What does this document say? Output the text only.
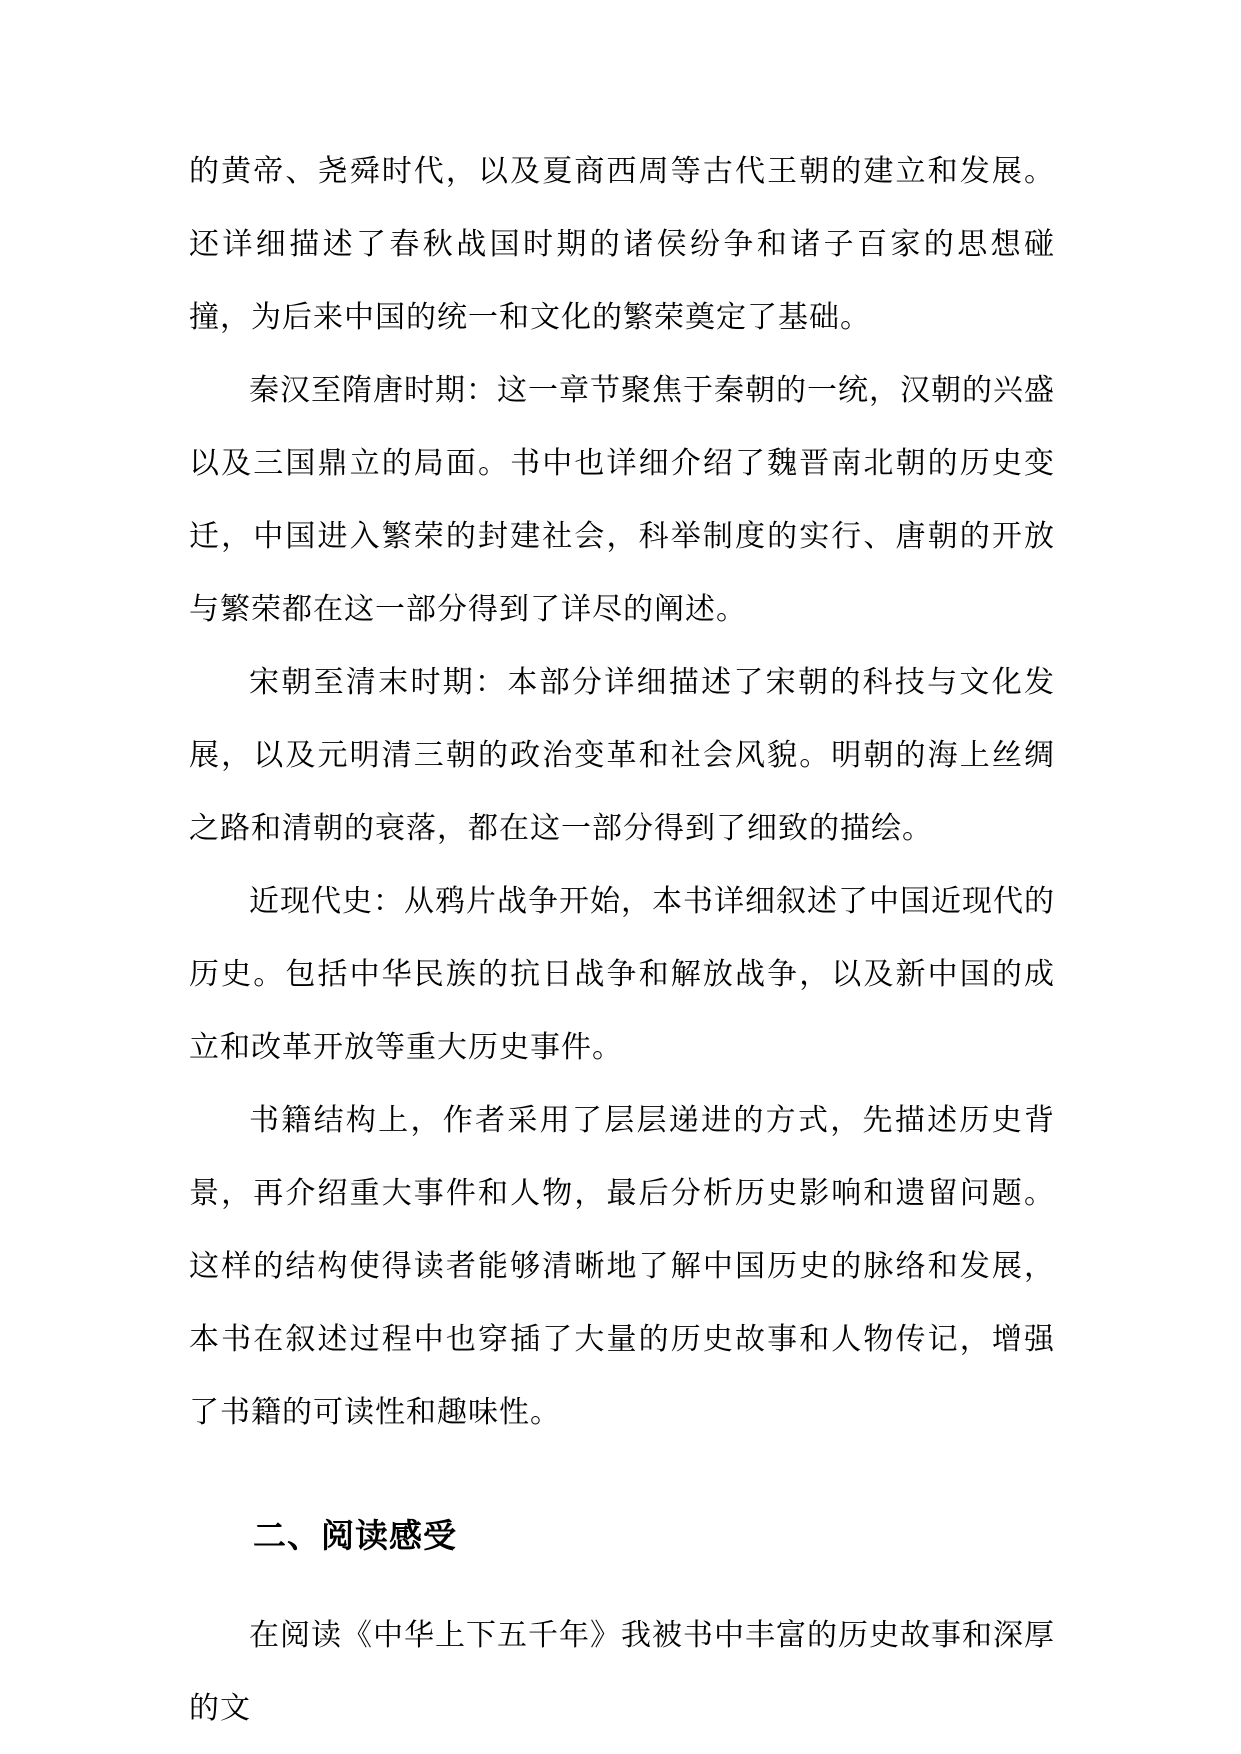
的黄帝、尧舜时代，以及夏商西周等古代王朝的建立和发展。还详细描述了春秋战国时期的诸侯纷争和诸子百家的思想碰撞，为后来中国的统一和文化的繁荣奠定了基础。

秦汉至隋唐时期：这一章节聚焦于秦朝的一统，汉朝的兴盛以及三国鼎立的局面。书中也详细介绍了魏晋南北朝的历史变迁，中国进入繁荣的封建社会，科举制度的实行、唐朝的开放与繁荣都在这一部分得到了详尽的阐述。

宋朝至清末时期：本部分详细描述了宋朝的科技与文化发展，以及元明清三朝的政治变革和社会风貌。明朝的海上丝绸之路和清朝的衰落，都在这一部分得到了细致的描绘。

近现代史：从鸦片战争开始，本书详细叙述了中国近现代的历史。包括中华民族的抗日战争和解放战争，以及新中国的成立和改革开放等重大历史事件。

书籍结构上，作者采用了层层递进的方式，先描述历史背景，再介绍重大事件和人物，最后分析历史影响和遗留问题。这样的结构使得读者能够清晰地了解中国历史的脉络和发展，本书在叙述过程中也穿插了大量的历史故事和人物传记，增强了书籍的可读性和趣味性。

二、阅读感受

在阅读《中华上下五千年》我被书中丰富的历史故事和深厚的文
